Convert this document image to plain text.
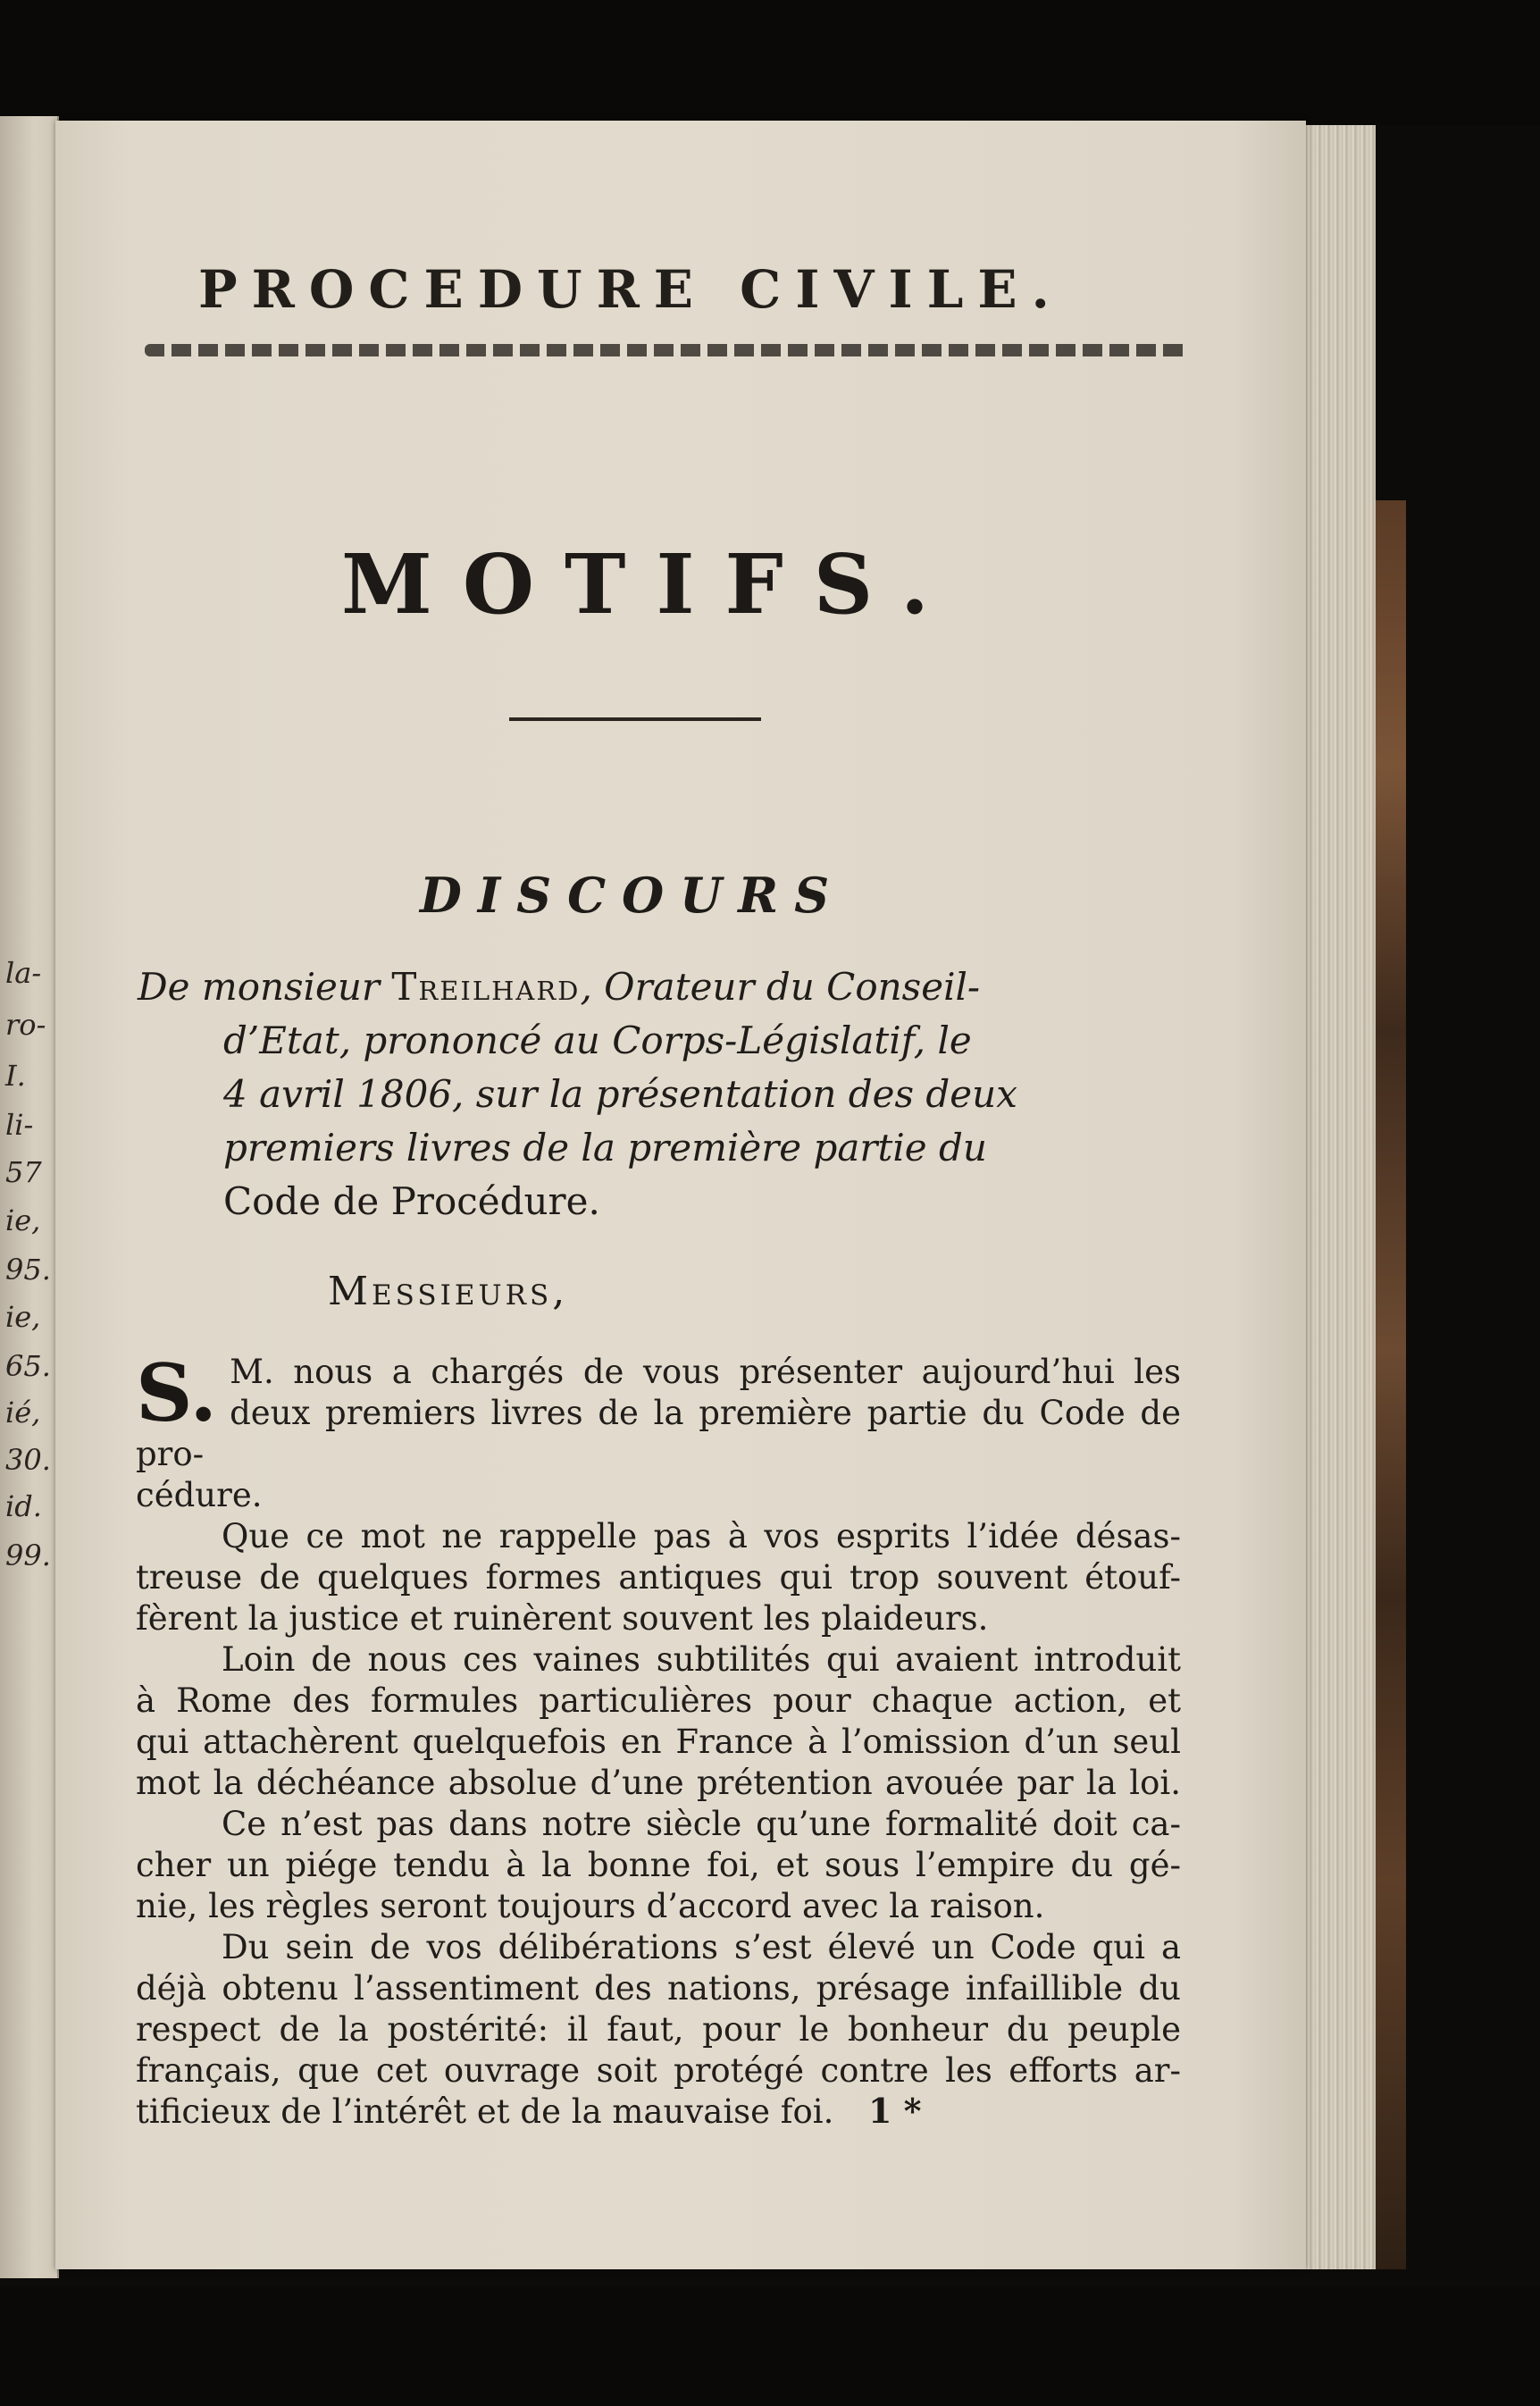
la-
ro-
I.
li-
57
ie,
95.
ie,
65.
ié,
30.
id.
99.
PROCEDURE CIVILE.
MOTIFS.
DISCOURS
De monsieur Treilhard, Orateur du Conseil-
d’Etat, prononcé au Corps-Législatif, le
4 avril 1806, sur la présentation des deux
premiers livres de la première partie du
Code de Procédure.
Messieurs,

S. M. nous a chargés de vous présenter aujourd’hui les
deux premiers livres de la première partie du Code de pro-
cédure.

Que ce mot ne rappelle pas à vos esprits l’idée désas-
treuse de quelques formes antiques qui trop souvent étouf-
fèrent la justice et ruinèrent souvent les plaideurs.

Loin de nous ces vaines subtilités qui avaient introduit
à Rome des formules particulières pour chaque action, et
qui attachèrent quelquefois en France à l’omission d’un seul
mot la déchéance absolue d’une prétention avouée par la loi.

Ce n’est pas dans notre siècle qu’une formalité doit ca-
cher un piége tendu à la bonne foi, et sous l’empire du gé-
nie, les règles seront toujours d’accord avec la raison.

Du sein de vos délibérations s’est élevé un Code qui a
déjà obtenu l’assentiment des nations, présage infaillible du
respect de la postérité: il faut, pour le bonheur du peuple
français, que cet ouvrage soit protégé contre les efforts ar-
tificieux de l’intérêt et de la mauvaise foi.	1 *
